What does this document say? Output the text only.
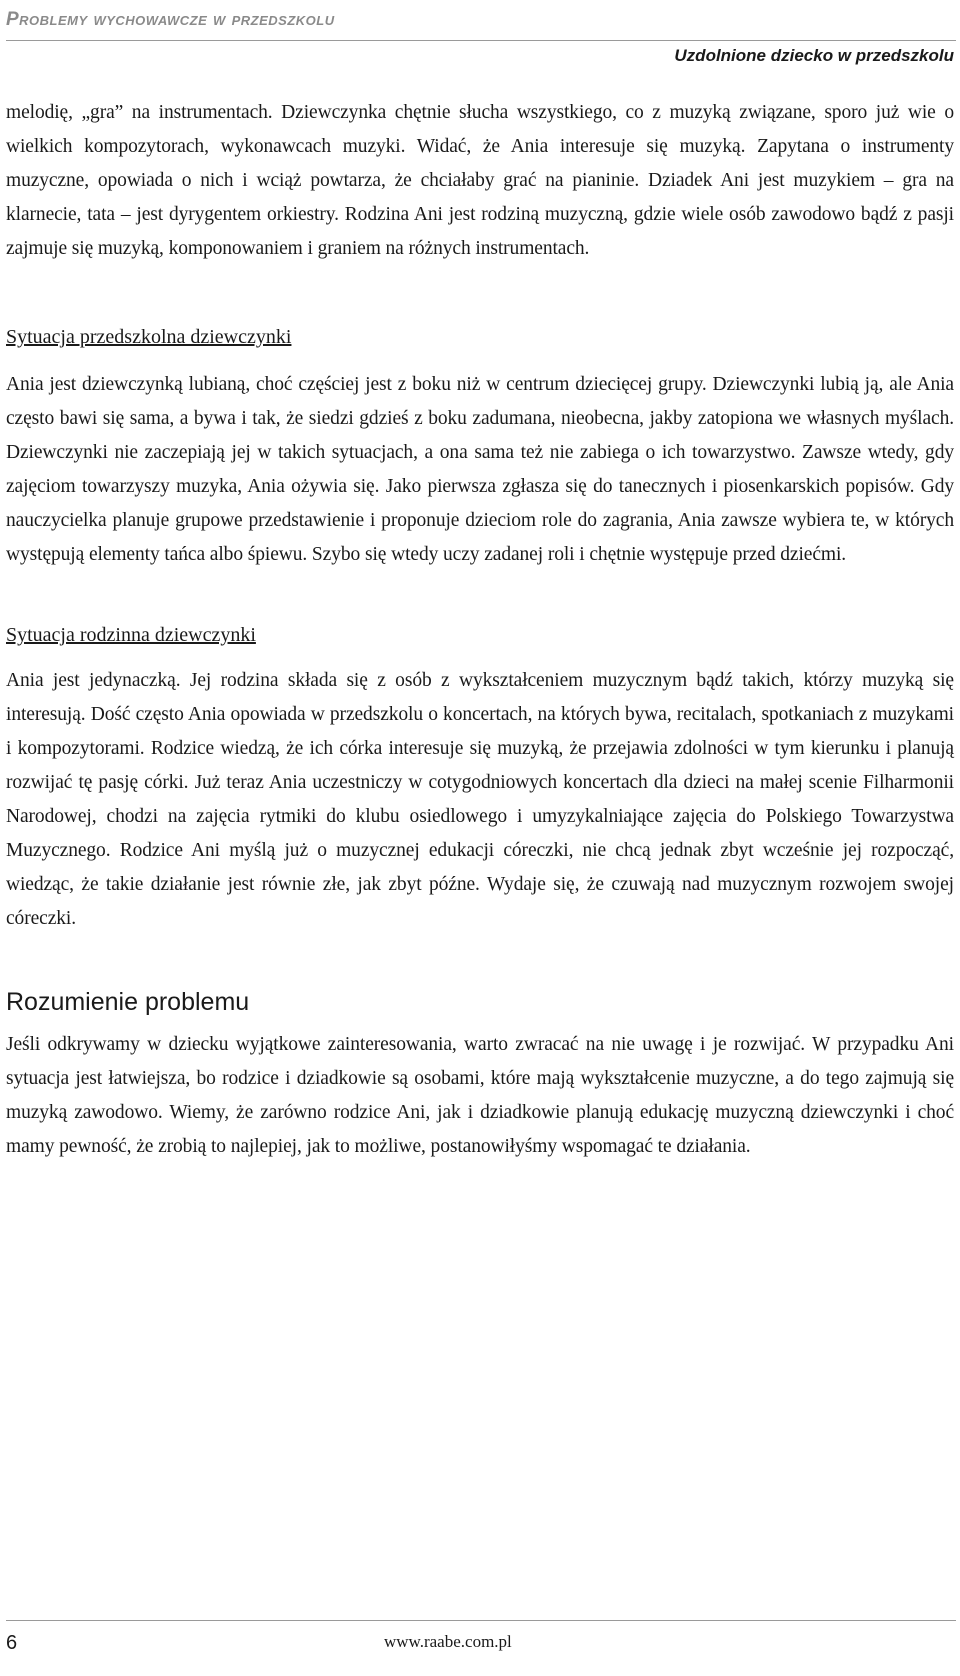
Problemy wychowawcze w przedszkolu
Uzdolnione dziecko w przedszkolu

melodię, „gra” na instrumentach. Dziewczynka chętnie słucha wszystkiego, co z muzyką związane, sporo już wie o wielkich kompozytorach, wykonawcach muzyki. Widać, że Ania interesuje się muzyką. Zapytana o instrumenty muzyczne, opowiada o nich i wciąż powtarza, że chciałaby grać na pianinie. Dziadek Ani jest muzykiem – gra na klarnecie, tata – jest dyrygentem orkiestry. Rodzina Ani jest rodziną muzyczną, gdzie wiele osób zawodowo bądź z pasji zajmuje się muzyką, komponowaniem i graniem na różnych instrumentach.

Sytuacja przedszkolna dziewczynki

Ania jest dziewczynką lubianą, choć częściej jest z boku niż w centrum dziecięcej grupy. Dziewczynki lubią ją, ale Ania często bawi się sama, a bywa i tak, że siedzi gdzieś z boku zadumana, nieobecna, jakby zatopiona we własnych myślach. Dziewczynki nie zaczepiają jej w takich sytuacjach, a ona sama też nie zabiega o ich towarzystwo. Zawsze wtedy, gdy zajęciom towarzyszy muzyka, Ania ożywia się. Jako pierwsza zgłasza się do tanecznych i piosenkarskich popisów. Gdy nauczycielka planuje grupowe przedstawienie i proponuje dzieciom role do zagrania, Ania zawsze wybiera te, w których występują elementy tańca albo śpiewu. Szybo się wtedy uczy zadanej roli i chętnie występuje przed dziećmi.

Sytuacja rodzinna dziewczynki

Ania jest jedynaczką. Jej rodzina składa się z osób z wykształceniem muzycznym bądź takich, którzy muzyką się interesują. Dość często Ania opowiada w przedszkolu o koncertach, na których bywa, recitalach, spotkaniach z muzykami i kompozytorami. Rodzice wiedzą, że ich córka interesuje się muzyką, że przejawia zdolności w tym kierunku i planują rozwijać tę pasję córki. Już teraz Ania uczestniczy w cotygodniowych koncertach dla dzieci na małej scenie Filharmonii Narodowej, chodzi na zajęcia rytmiki do klubu osiedlowego i umyzykalniające zajęcia do Polskiego Towarzystwa Muzycznego. Rodzice Ani myślą już o muzycznej edukacji córeczki, nie chcą jednak zbyt wcześnie jej rozpocząć, wiedząc, że takie działanie jest równie złe, jak zbyt późne. Wydaje się, że czuwają nad muzycznym rozwojem swojej córeczki.

Rozumienie problemu

Jeśli odkrywamy w dziecku wyjątkowe zainteresowania, warto zwracać na nie uwagę i je rozwijać. W przypadku Ani sytuacja jest łatwiejsza, bo rodzice i dziadkowie są osobami, które mają wykształcenie muzyczne, a do tego zajmują się muzyką zawodowo. Wiemy, że zarówno rodzice Ani, jak i dziadkowie planują edukację muzyczną dziewczynki i choć mamy pewność, że zrobią to najlepiej, jak to możliwe, postanowiłyśmy wspomagać te działania.

6	www.raabe.com.pl
